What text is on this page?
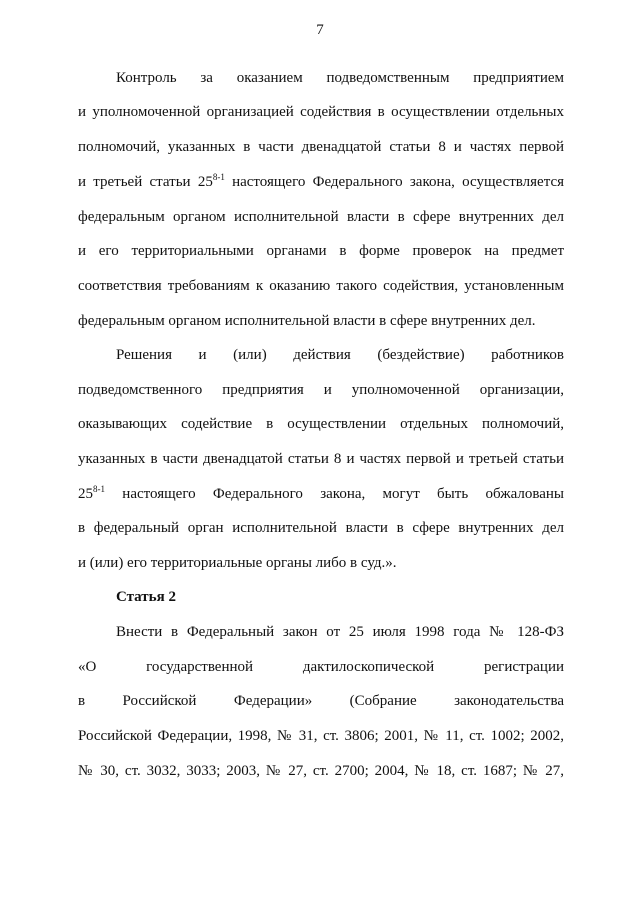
7
Контроль за оказанием подведомственным предприятием
и уполномоченной организацией содействия в осуществлении отдельных
полномочий, указанных в части двенадцатой статьи 8 и частях первой
и третьей статьи 25$^{8-1}$ настоящего Федерального закона, осуществляется
федеральным органом исполнительной власти в сфере внутренних дел
и его территориальными органами в форме проверок на предмет
соответствия требованиям к оказанию такого содействия, установленным
федеральным органом исполнительной власти в сфере внутренних дел.
Решения и (или) действия (бездействие) работников
подведомственного предприятия и уполномоченной организации,
оказывающих содействие в осуществлении отдельных полномочий,
указанных в части двенадцатой статьи 8 и частях первой и третьей статьи
25$^{8-1}$ настоящего Федерального закона, могут быть обжалованы
в федеральный орган исполнительной власти в сфере внутренних дел
и (или) его территориальные органы либо в суд.».
Статья 2
Внести в Федеральный закон от 25 июля 1998 года № 128-ФЗ
«О государственной дактилоскопической регистрации
в Российской Федерации» (Собрание законодательства
Российской Федерации, 1998, № 31, ст. 3806; 2001, № 11, ст. 1002; 2002,
№ 30, ст. 3032, 3033; 2003, № 27, ст. 2700; 2004, № 18, ст. 1687; № 27,
